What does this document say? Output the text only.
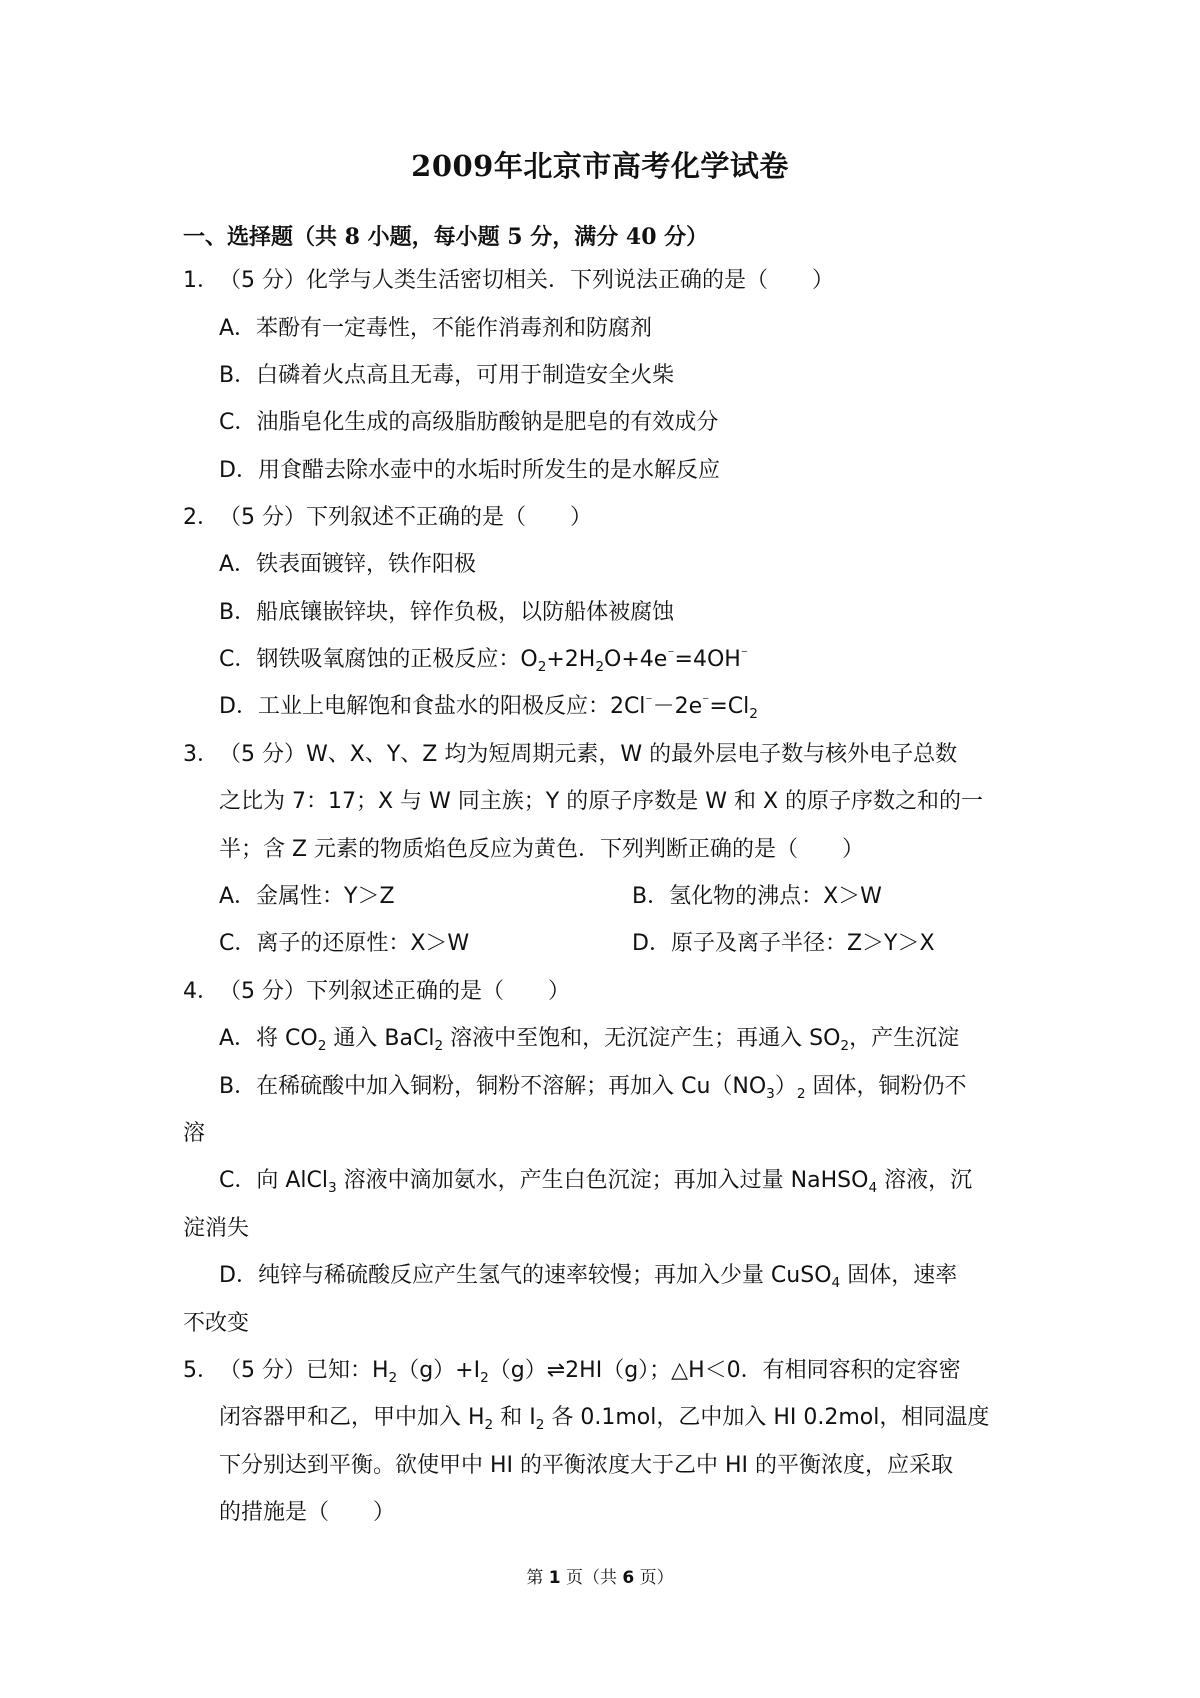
2009年北京市高考化学试卷
一、选择题（共 8 小题，每小题 5 分，满分 40 分）
1．（5 分）化学与人类生活密切相关．下列说法正确的是（　　）
A．苯酚有一定毒性，不能作消毒剂和防腐剂
B．白磷着火点高且无毒，可用于制造安全火柴
C．油脂皂化生成的高级脂肪酸钠是肥皂的有效成分
D．用食醋去除水壶中的水垢时所发生的是水解反应
2．（5 分）下列叙述不正确的是（　　）
A．铁表面镀锌，铁作阳极
B．船底镶嵌锌块，锌作负极，以防船体被腐蚀
C．钢铁吸氧腐蚀的正极反应：$O_2+2H_2O+4e^{^-}=4OH^{^-}$
D．工业上电解饱和食盐水的阳极反应：$2Cl^{^-}-2e^{^-}=Cl_2$
3．（5 分）W、X、Y、Z 均为短周期元素，W 的最外层电子数与核外电子总数
之比为 7：17；X 与 W 同主族；Y 的原子序数是 W 和 X 的原子序数之和的一
半；含 Z 元素的物质焰色反应为黄色．下列判断正确的是（　　）
A．金属性：Y＞Z	B．氢化物的沸点：X＞W
C．离子的还原性：X＞W	D．原子及离子半径：Z＞Y＞X
4．（5 分）下列叙述正确的是（　　）
A．将 $CO_2$ 通入 BaCl$_2$ 溶液中至饱和，无沉淀产生；再通入 $SO_2$，产生沉淀
B．在稀硫酸中加入铜粉，铜粉不溶解；再加入 $Cu(NO_3)_2$ 固体，铜粉仍不
溶
C．向 AlCl$_3$ 溶液中滴加氨水，产生白色沉淀；再加入过量 NaHSO$_4$ 溶液，沉
淀消失
D．纯锌与稀硫酸反应产生氢气的速率较慢；再加入少量 CuSO$_4$ 固体，速率
不改变
5．（5 分）已知：$H_2(g)+I_2(g)\rightleftharpoons 2HI(g)$；△H＜0．有相同容积的定容密
闭容器甲和乙，甲中加入 $H_2$ 和 $I_2$ 各 0.1mol，乙中加入 HI 0.2mol，相同温度
下分别达到平衡。欲使甲中 HI 的平衡浓度大于乙中 HI 的平衡浓度，应采取
的措施是（　　）
第 1 页（共 6 页）
